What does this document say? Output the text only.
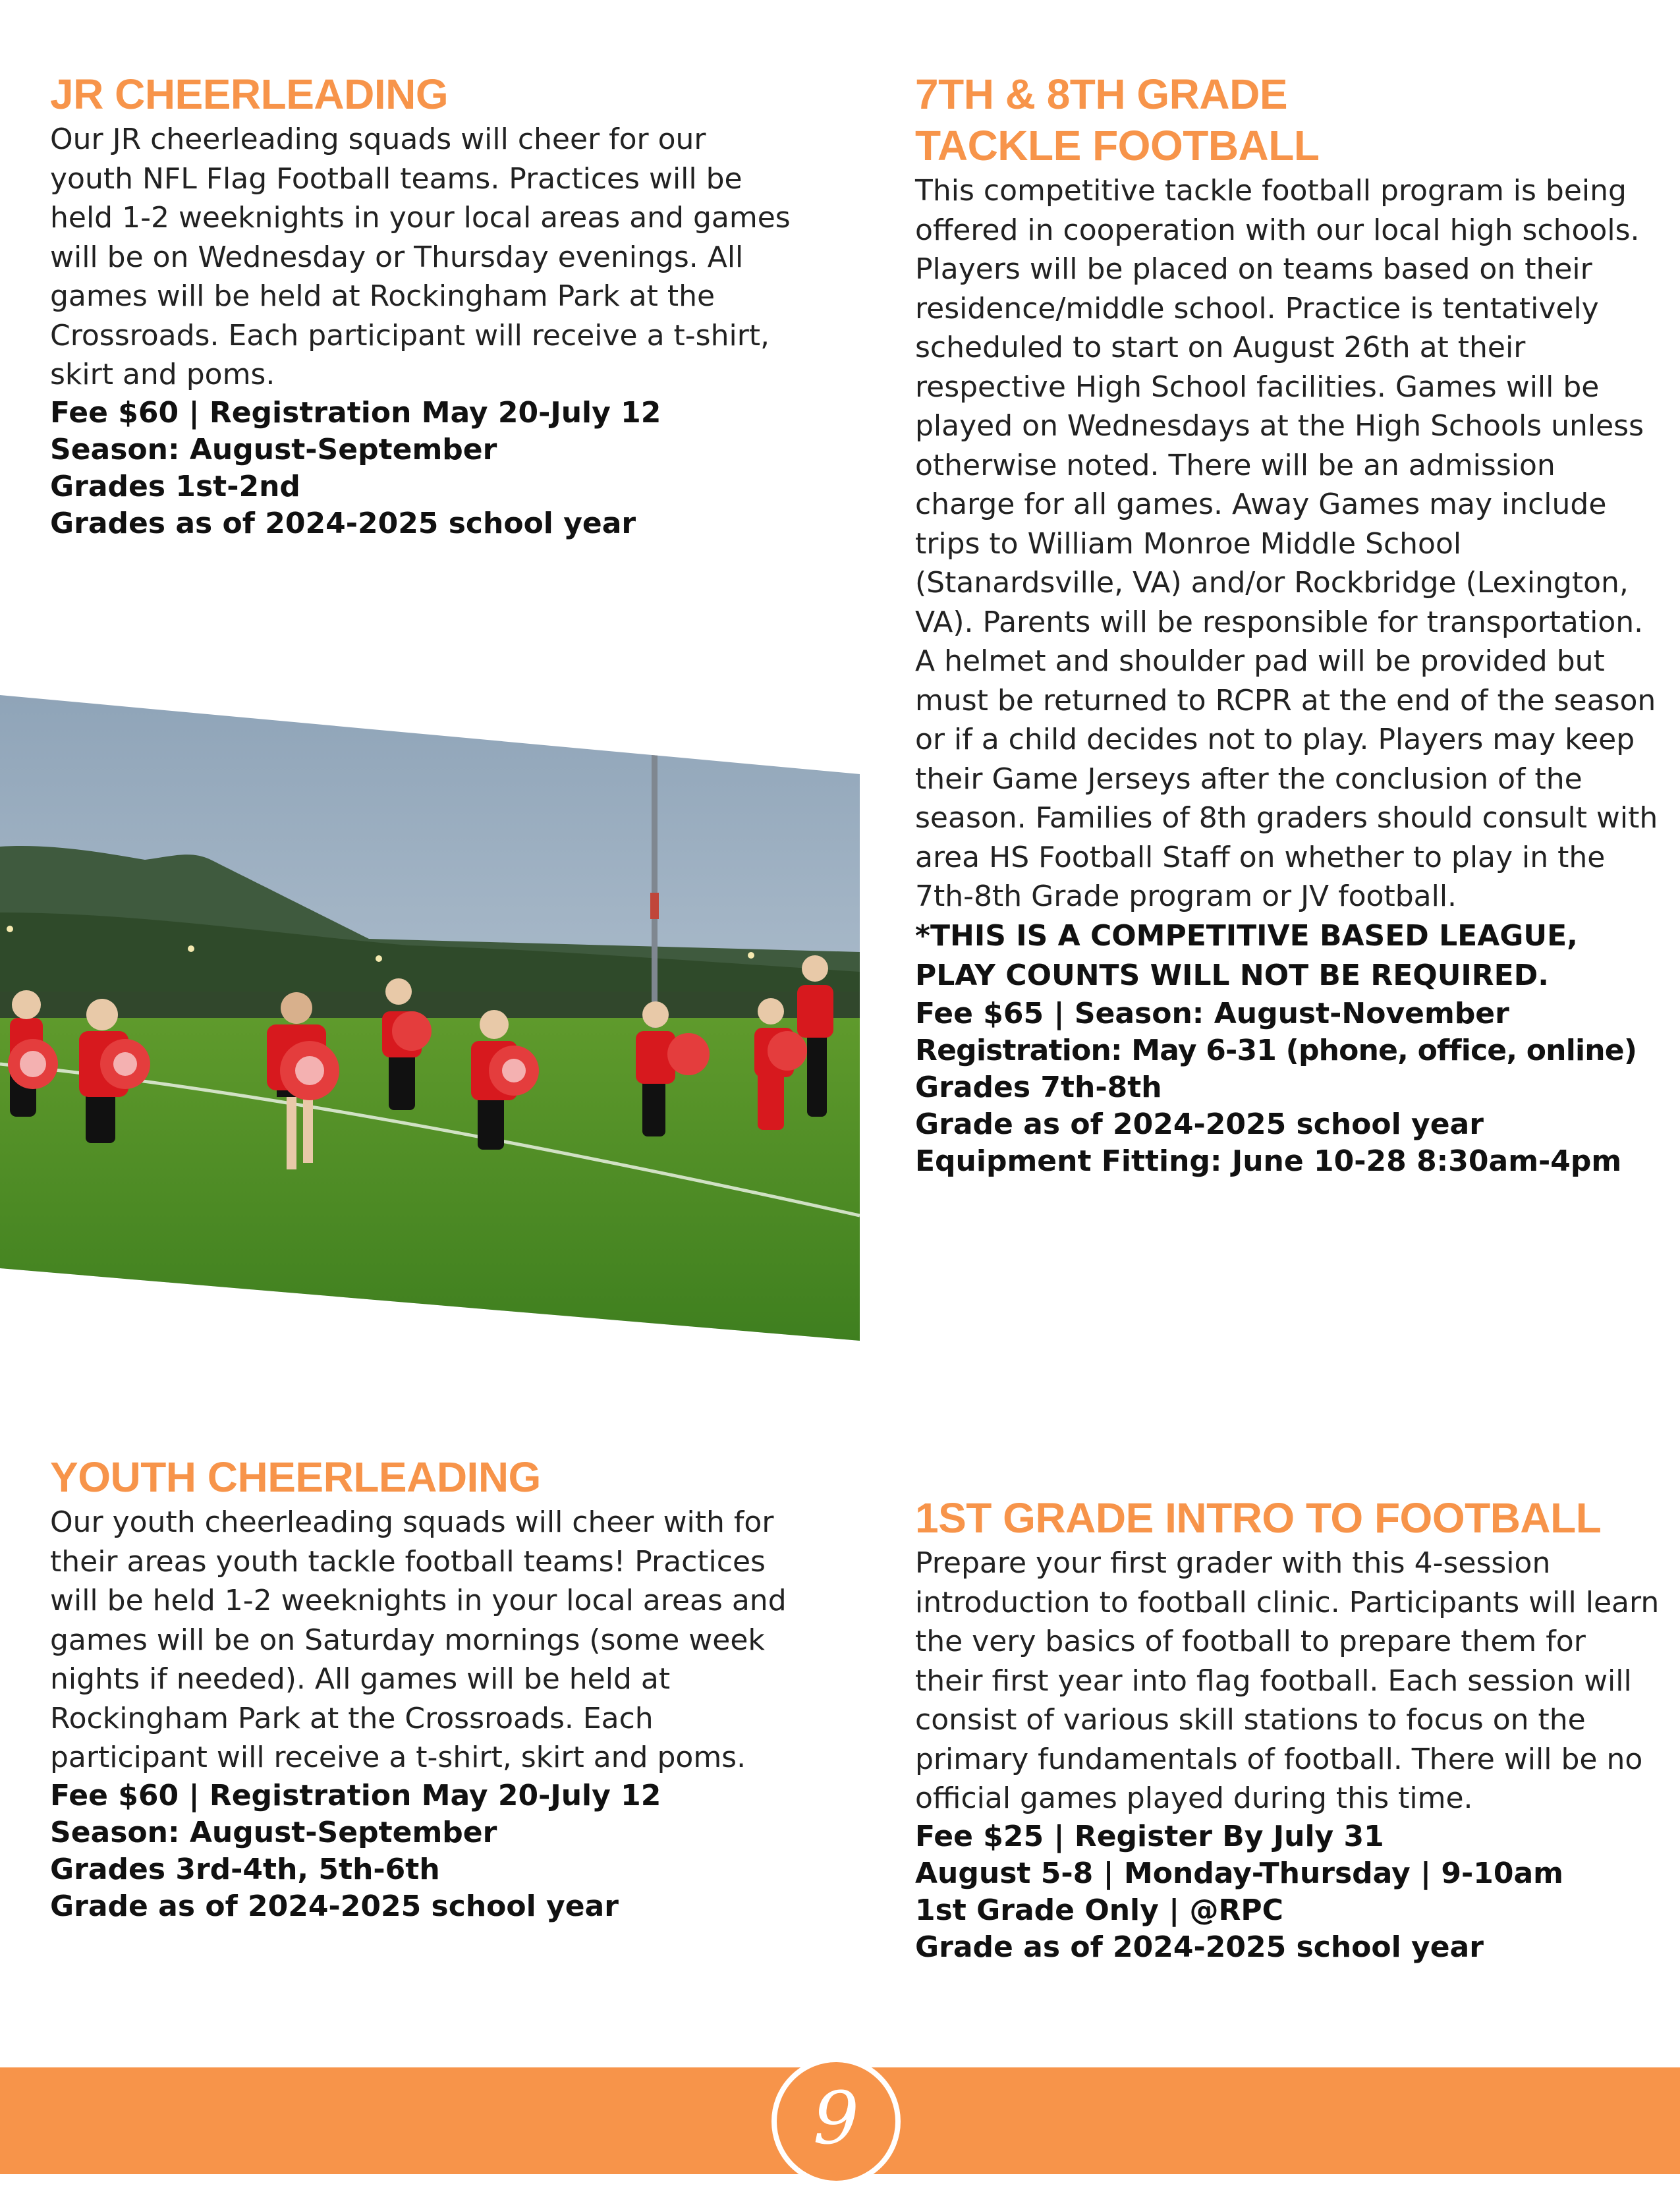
JR CHEERLEADING

Our JR cheerleading squads will cheer for our youth NFL Flag Football teams. Practices will be held 1-2 weeknights in your local areas and games will be on Wednesday or Thursday evenings. All games will be held at Rockingham Park at the Crossroads. Each participant will receive a t-shirt, skirt and poms.

Fee $60 | Registration May 20-July 12
Season: August-September
Grades 1st-2nd
Grades as of 2024-2025 school year
7TH & 8TH GRADE
TACKLE FOOTBALL

This competitive tackle football program is being offered in cooperation with our local high schools. Players will be placed on teams based on their residence/middle school. Practice is tentatively scheduled to start on August 26th at their respective High School facilities. Games will be played on Wednesdays at the High Schools unless otherwise noted. There will be an admission charge for all games. Away Games may include trips to William Monroe Middle School (Stanardsville, VA) and/or Rockbridge (Lexington, VA). Parents will be responsible for transportation.

A helmet and shoulder pad will be provided but must be returned to RCPR at the end of the season or if a child decides not to play. Players may keep their Game Jerseys after the conclusion of the season. Families of 8th graders should consult with area HS Football Staff on whether to play in the 7th-8th Grade program or JV football.

*THIS IS A COMPETITIVE BASED LEAGUE, PLAY COUNTS WILL NOT BE REQUIRED.

Fee $65 | Season: August-November
Registration: May 6-31 (phone, office, online)
Grades 7th-8th
Grade as of 2024-2025 school year
Equipment Fitting: June 10-28 8:30am-4pm
YOUTH CHEERLEADING

Our youth cheerleading squads will cheer with for their areas youth tackle football teams! Practices will be held 1-2 weeknights in your local areas and games will be on Saturday mornings (some week nights if needed). All games will be held at Rockingham Park at the Crossroads. Each participant will receive a t-shirt, skirt and poms.

Fee $60 | Registration May 20-July 12
Season: August-September
Grades 3rd-4th, 5th-6th
Grade as of 2024-2025 school year
1ST GRADE INTRO TO FOOTBALL

Prepare your first grader with this 4-session introduction to football clinic. Participants will learn the very basics of football to prepare them for their first year into flag football. Each session will consist of various skill stations to focus on the primary fundamentals of football. There will be no official games played during this time.

Fee $25 | Register By July 31
August 5-8 | Monday-Thursday | 9-10am
1st Grade Only | @RPC
Grade as of 2024-2025 school year
9
